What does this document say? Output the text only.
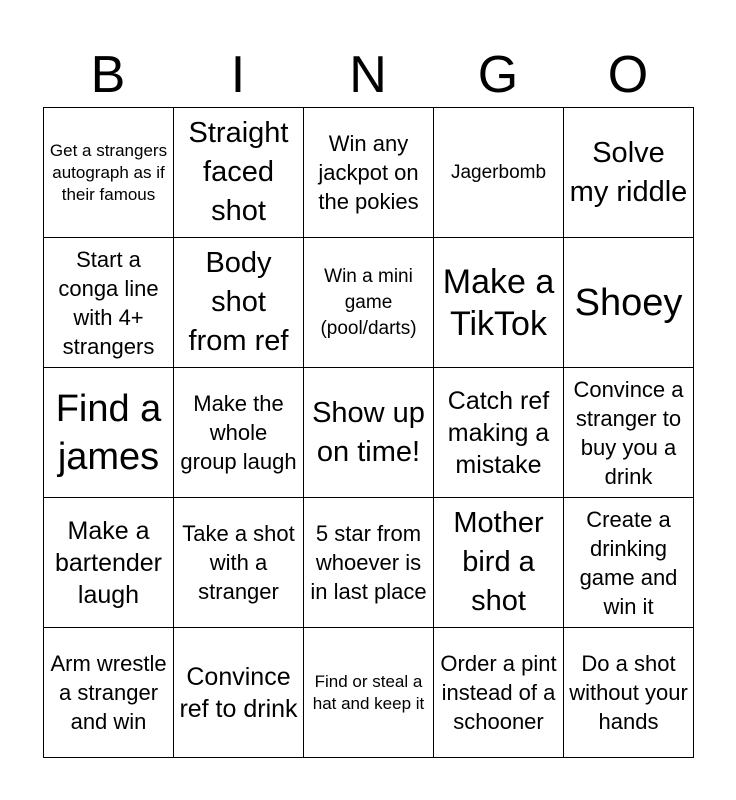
B	I	N	G	O
Get a strangers autograph as if their famous	Straight faced shot	Win any jackpot on the pokies	Jagerbomb	Solve my riddle

Start a conga line with 4+ strangers	Body shot from ref	Win a mini game (pool/darts)	Make a TikTok	Shoey

Find a james	Make the whole group laugh	Show up on time!	Catch ref making a mistake	Convince a stranger to buy you a drink

Make a bartender laugh	Take a shot with a stranger	5 star from whoever is in last place	Mother bird a shot	Create a drinking game and win it

Arm wrestle a stranger and win	Convince ref to drink	Find or steal a hat and keep it	Order a pint instead of a schooner	Do a shot without your hands
